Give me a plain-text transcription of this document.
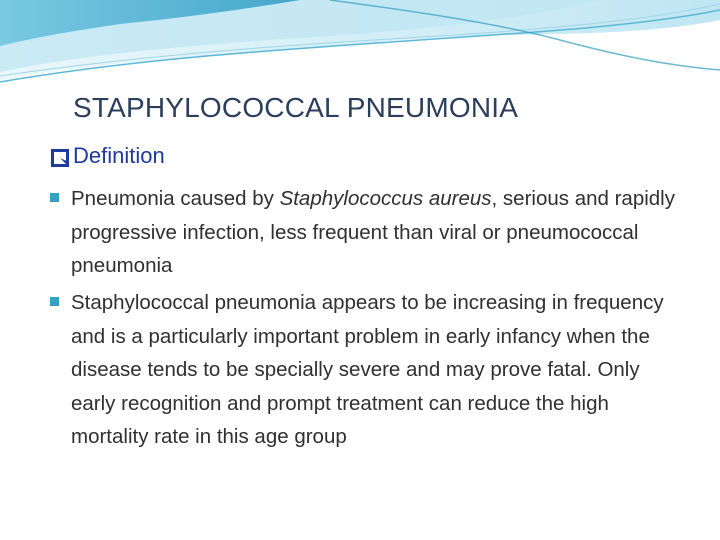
STAPHYLOCOCCAL PNEUMONIA
Definition
Pneumonia caused by Staphylococcus aureus, serious and rapidly progressive infection, less frequent than viral or pneumococcal pneumonia
Staphylococcal pneumonia appears to be increasing in frequency and is a particularly important problem in early infancy when the disease tends to be specially severe and may prove fatal. Only early recognition and prompt treatment can reduce the high mortality rate in this age group
